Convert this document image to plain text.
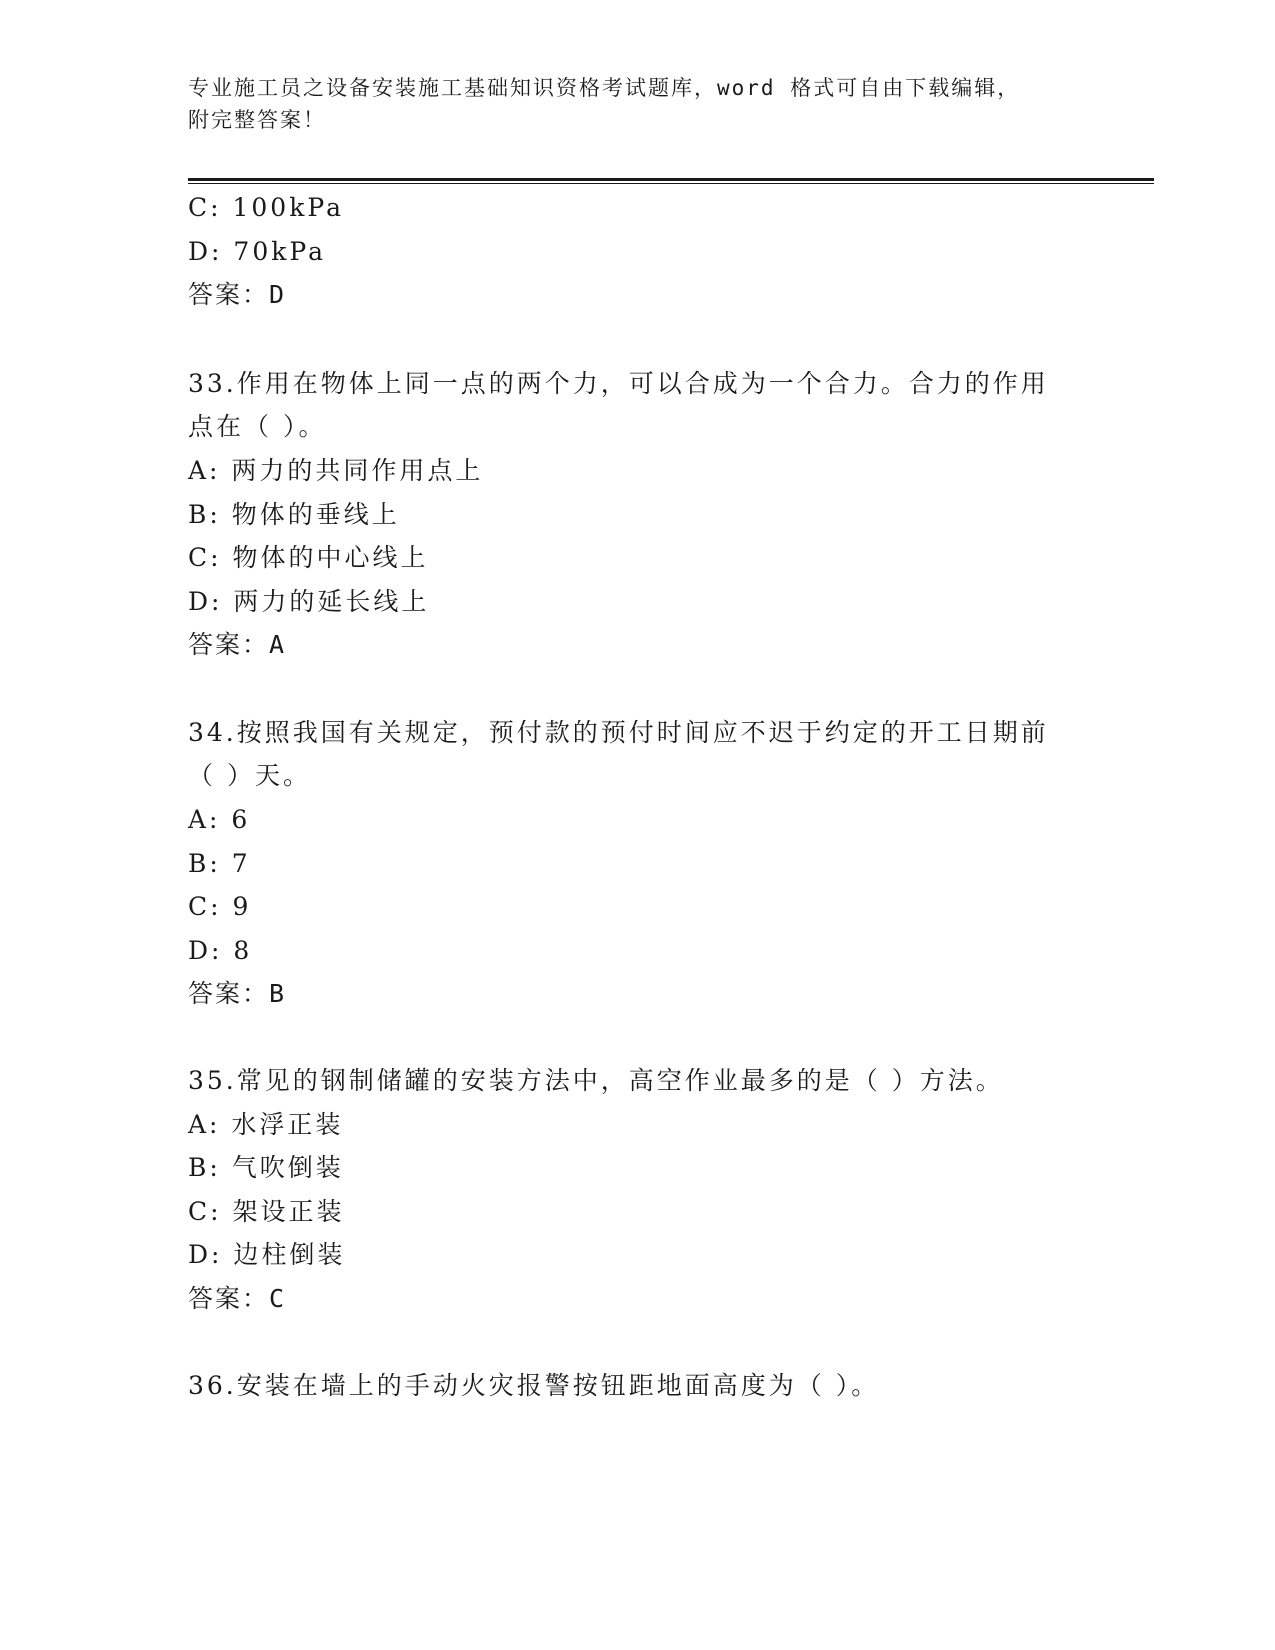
专业施工员之设备安装施工基础知识资格考试题库，word 格式可自由下载编辑，
附完整答案！
C: 100kPa
D: 70kPa
答案：D
33.作用在物体上同一点的两个力，可以合成为一个合力。合力的作用
点在（ ）。
A: 两力的共同作用点上
B: 物体的垂线上
C: 物体的中心线上
D: 两力的延长线上
答案：A
34.按照我国有关规定，预付款的预付时间应不迟于约定的开工日期前
（ ）天。
A: 6
B: 7
C: 9
D: 8
答案：B
35.常见的钢制储罐的安装方法中，高空作业最多的是（ ）方法。
A: 水浮正装
B: 气吹倒装
C: 架设正装
D: 边柱倒装
答案：C
36.安装在墙上的手动火灾报警按钮距地面高度为（ ）。
